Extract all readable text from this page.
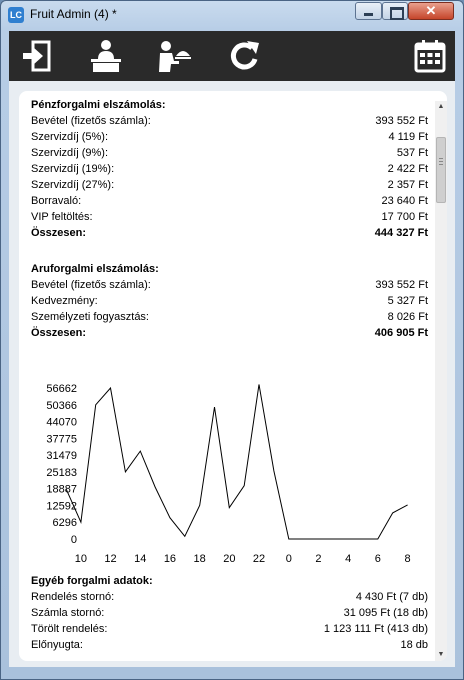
LC Fruit Admin (4) *	✕
Pénzforgalmi elszámolás:
Bevétel (fizetős számla):	393 552 Ft
Szervizdíj (5%):	4 119 Ft
Szervizdíj (9%):	537 Ft
Szervizdíj (19%):	2 422 Ft
Szervizdíj (27%):	2 357 Ft
Borravaló:	23 640 Ft
VIP feltöltés:	17 700 Ft
Összesen:	444 327 Ft
Aruforgalmi elszámolás:
Bevétel (fizetős számla):	393 552 Ft
Kedvezmény:	5 327 Ft
Személyzeti fogyasztás:	8 026 Ft
Összesen:	406 905 Ft
56662
50366
44070
37775
31479
25183
18887
12592
6296
0
10 12 14 16 18 20 22 0 2 4 6 8
Egyéb forgalmi adatok:
Rendelés stornó:	4 430 Ft (7 db)
Számla stornó:	31 095 Ft (18 db)
Törölt rendelés:	1 123 111 Ft (413 db)
Előnyugta:	18 db
▲
▼
